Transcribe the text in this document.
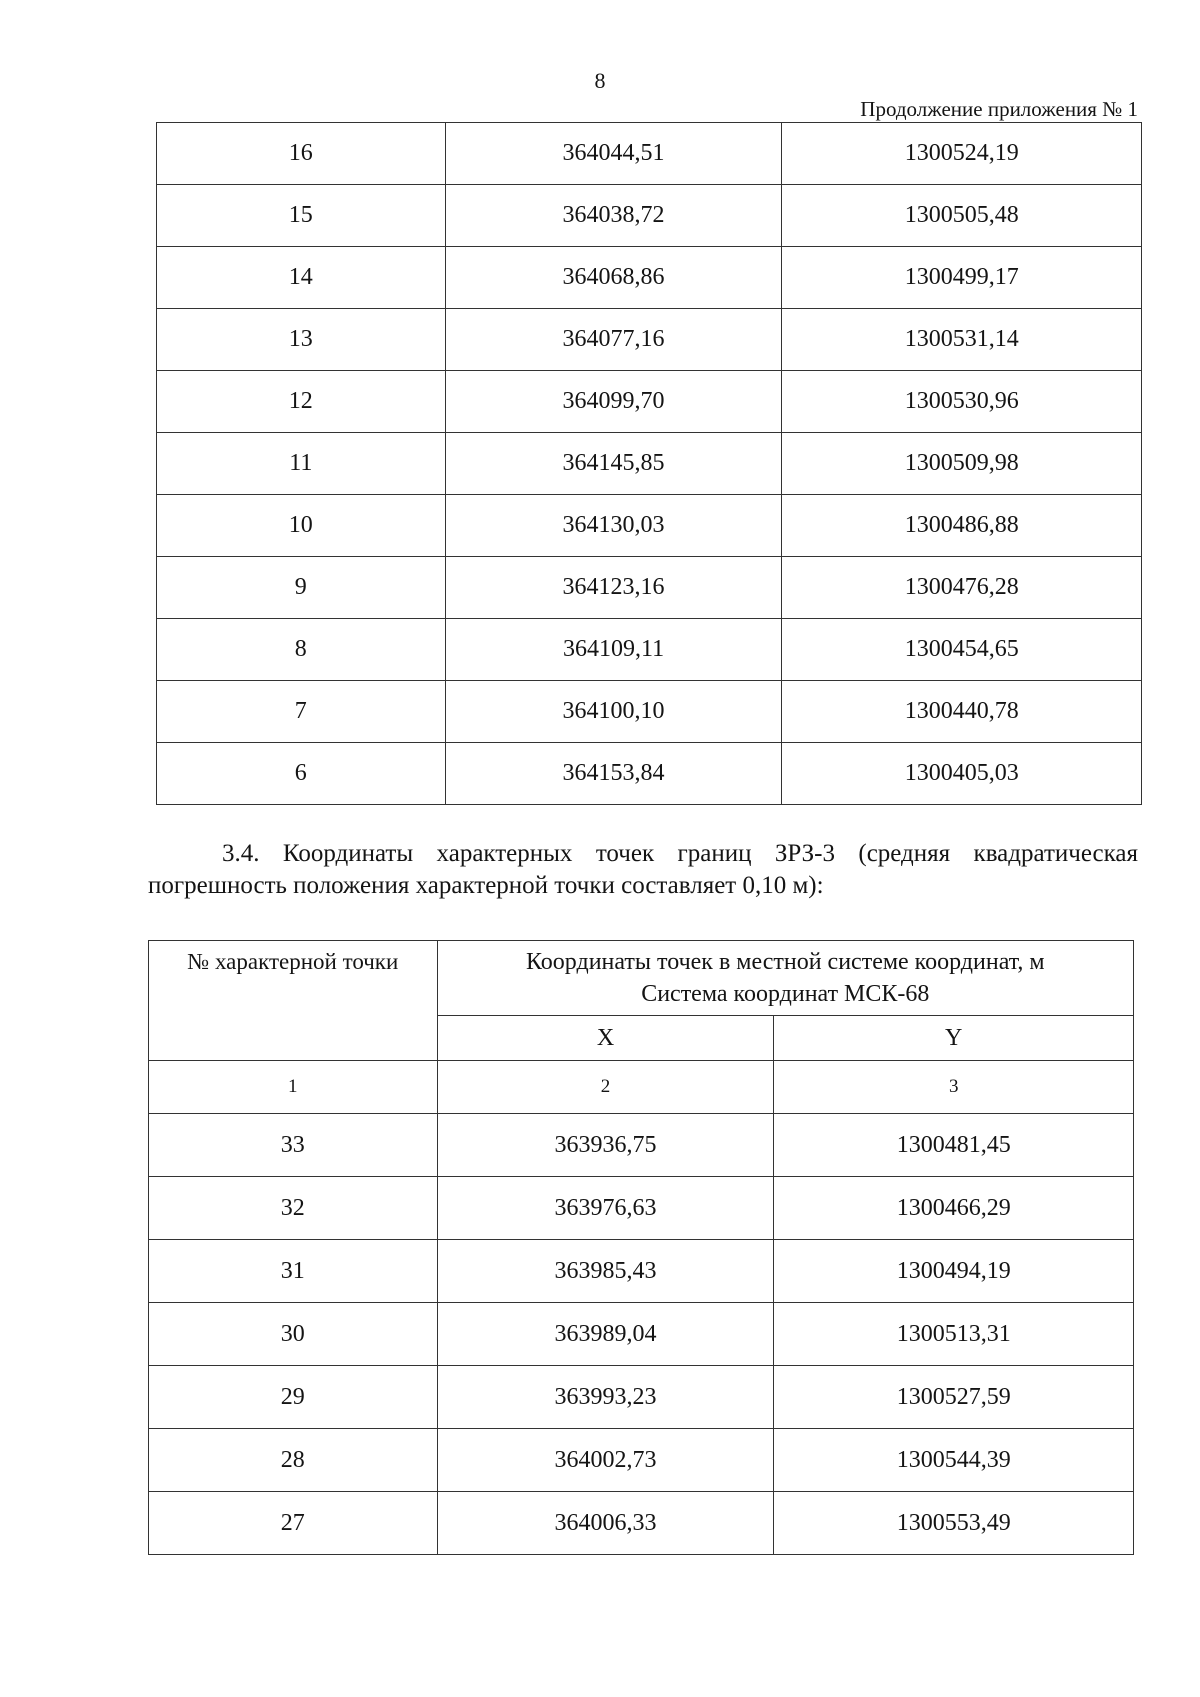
8
Продолжение приложения № 1
16	364044,51	1300524,19
15	364038,72	1300505,48
14	364068,86	1300499,17
13	364077,16	1300531,14
12	364099,70	1300530,96
11	364145,85	1300509,98
10	364130,03	1300486,88
9	364123,16	1300476,28
8	364109,11	1300454,65
7	364100,10	1300440,78
6	364153,84	1300405,03
3.4. Координаты характерных точек границ ЗРЗ-3 (средняя квадратическая погрешность положения характерной точки составляет 0,10 м):
№ характерной точки	Координаты точек в местной системе координат, м
Система координат МСК-68	

	X	Y
1	2	3
33	363936,75	1300481,45
32	363976,63	1300466,29
31	363985,43	1300494,19
30	363989,04	1300513,31
29	363993,23	1300527,59
28	364002,73	1300544,39
27	364006,33	1300553,49
